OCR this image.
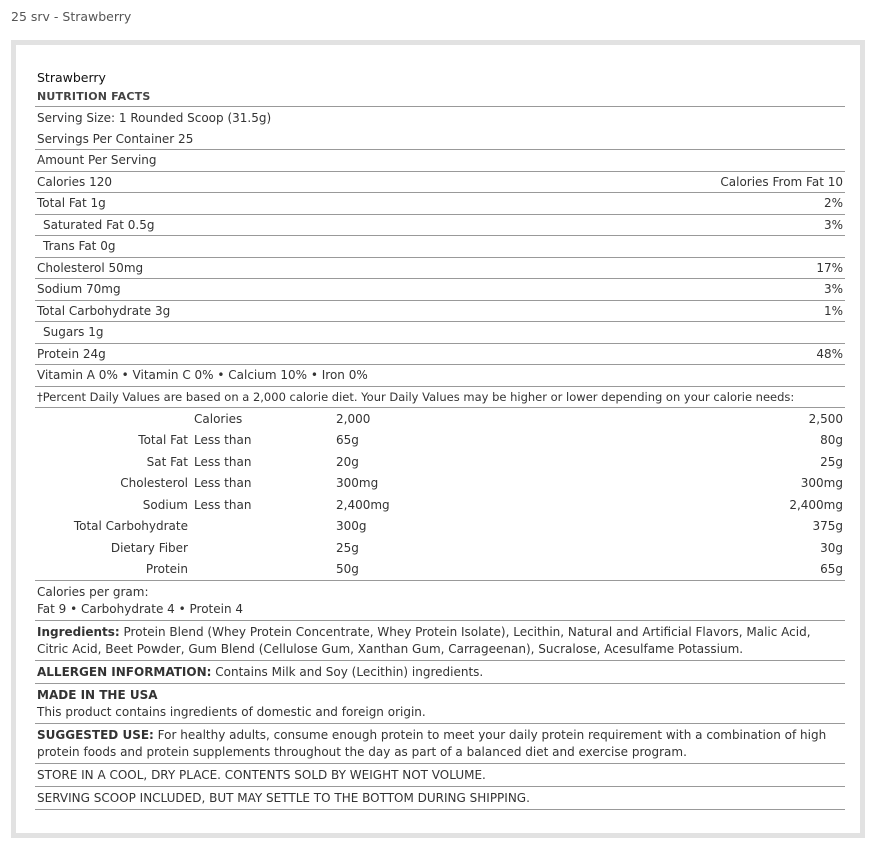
25 srv - Strawberry
Strawberry
NUTRITION FACTS
Serving Size: 1 Rounded Scoop (31.5g)
Servings Per Container 25
Amount Per Serving
Calories 120	Calories From Fat 10
Total Fat 1g	2%
Saturated Fat 0.5g	3%
Trans Fat 0g
Cholesterol 50mg	17%
Sodium 70mg	3%
Total Carbohydrate 3g	1%
Sugars 1g
Protein 24g	48%
Vitamin A 0% • Vitamin C 0% • Calcium 10% • Iron 0%
†Percent Daily Values are based on a 2,000 calorie diet. Your Daily Values may be higher or lower depending on your calorie needs:
	Calories		2,000	2,500
Total Fat	Less than		65g	80g
Sat Fat	Less than		20g	25g
Cholesterol	Less than		300mg	300mg
Sodium	Less than		2,400mg	2,400mg
Total Carbohydrate			300g	375g
Dietary Fiber			25g	30g
Protein			50g	65g
Calories per gram:
Fat 9 • Carbohydrate 4 • Protein 4
Ingredients: Protein Blend (Whey Protein Concentrate, Whey Protein Isolate), Lecithin, Natural and Artificial Flavors, Malic Acid, Citric Acid, Beet Powder, Gum Blend (Cellulose Gum, Xanthan Gum, Carrageenan), Sucralose, Acesulfame Potassium.
ALLERGEN INFORMATION: Contains Milk and Soy (Lecithin) ingredients.
MADE IN THE USA
This product contains ingredients of domestic and foreign origin.
SUGGESTED USE: For healthy adults, consume enough protein to meet your daily protein requirement with a combination of high protein foods and protein supplements throughout the day as part of a balanced diet and exercise program.
STORE IN A COOL, DRY PLACE. CONTENTS SOLD BY WEIGHT NOT VOLUME.
SERVING SCOOP INCLUDED, BUT MAY SETTLE TO THE BOTTOM DURING SHIPPING.
